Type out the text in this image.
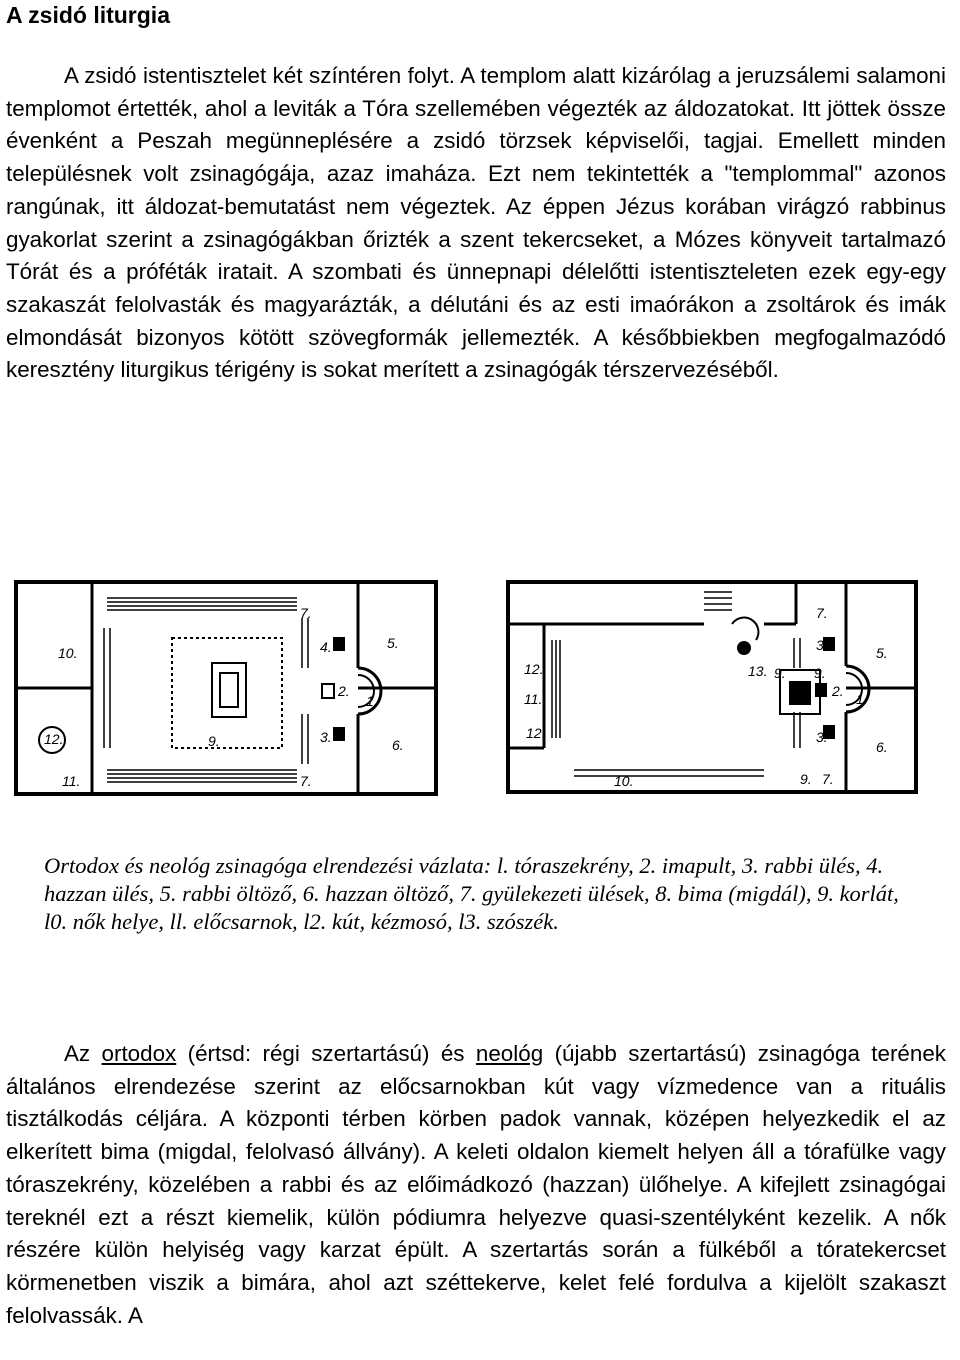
A zsidó liturgia

A zsidó istentisztelet két színtéren folyt. A templom alatt kizárólag a jeruzsálemi salamoni templomot értették, ahol a leviták a Tóra szellemében végezték az áldozatokat. Itt jöttek össze évenként a Peszah megünneplésére a zsidó törzsek képviselői, tagjai. Emellett minden településnek volt zsinagógája, azaz imaháza. Ezt nem tekintették a "templommal" azonos rangúnak, itt áldozat-bemutatást nem végeztek. Az éppen Jézus korában virágzó rabbinus gyakorlat szerint a zsinagógákban őrizték a szent tekercseket, a Mózes könyveit tartalmazó Tórát és a próféták iratait. A szombati és ünnepnapi délelőtti istentiszteleten ezek egy-egy szakaszát felolvasták és magyarázták, a délutáni és az esti imaórákon a zsoltárok és imák elmondását bizonyos kötött szövegformák jellemezték. A későbbiekben megfogalmazódó keresztény liturgikus térigény is sokat merített a zsinagógák térszervezéséből.

10.
12.
11.
9.
7.
7.
4.	5.
2.
1.
3.	6.
12.
11.
12.
13.
10.
7.
3.
9.
8. 2. 1.
9.
3.
9. 7.
5.
6.

Ortodox és neológ zsinagóga elrendezési vázlata: l. tóraszekrény, 2. imapult, 3. rabbi ülés, 4. hazzan ülés, 5. rabbi öltöző, 6. hazzan öltöző, 7. gyülekezeti ülések, 8. bima (migdál), 9. korlát, l0. nők helye, ll. előcsarnok, l2. kút, kézmosó, l3. szószék.

Az ortodox (értsd: régi szertartású) és neológ (újabb szertartású) zsinagóga terének általános elrendezése szerint az előcsarnokban kút vagy vízmedence van a rituális tisztálkodás céljára. A központi térben körben padok vannak, középen helyezkedik el az elkerített bima (migdal, felolvasó állvány). A keleti oldalon kiemelt helyen áll a tórafülke vagy tóraszekrény, közelében a rabbi és az előimádkozó (hazzan) ülőhelye. A kifejlett zsinagógai tereknél ezt a részt kiemelik, külön pódiumra helyezve quasi-szentélyként kezelik. A nők részére külön helyiség vagy karzat épült. A szertartás során a fülkéből a tóratekercset körmenetben viszik a bimára, ahol azt széttekerve, kelet felé fordulva a kijelölt szakaszt felolvassák. A
